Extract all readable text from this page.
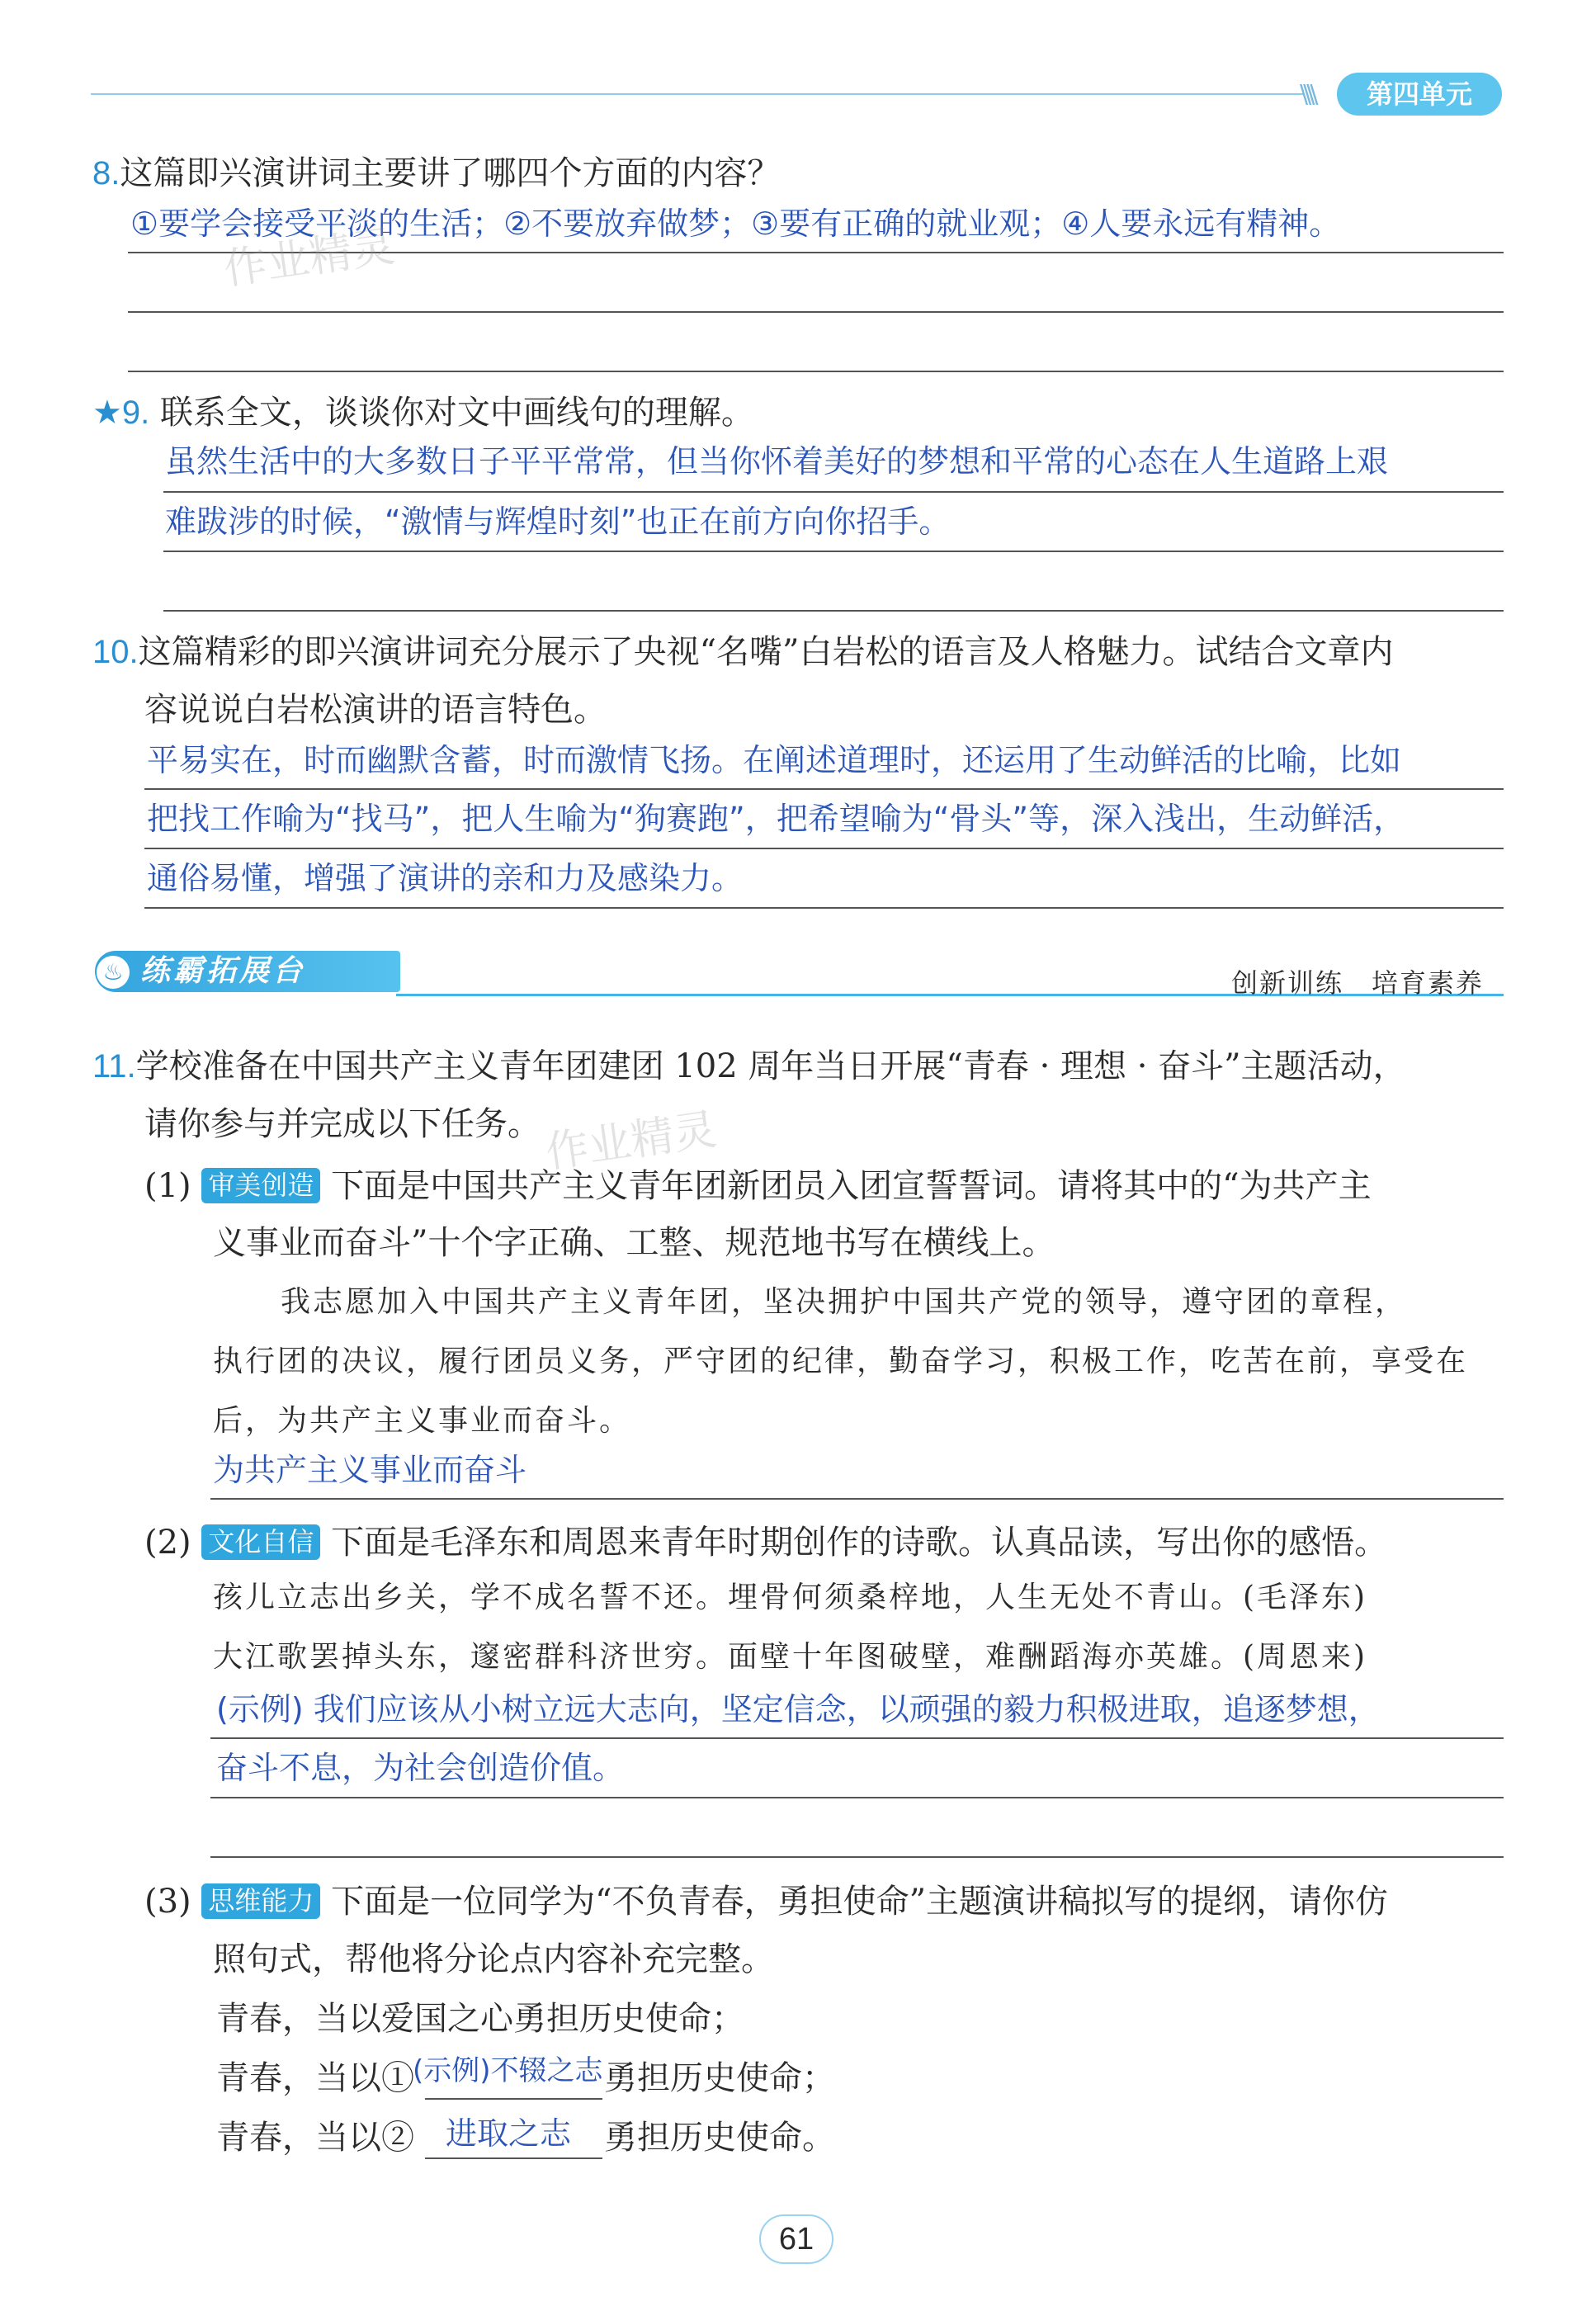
\\\\	第四单元
8.这篇即兴演讲词主要讲了哪四个方面的内容？
①要学会接受平淡的生活；②不要放弃做梦；③要有正确的就业观；④人要永远有精神。
★9. 联系全文，谈谈你对文中画线句的理解。
虽然生活中的大多数日子平平常常，但当你怀着美好的梦想和平常的心态在人生道路上艰
难跋涉的时候，“激情与辉煌时刻”也正在前方向你招手。
10.这篇精彩的即兴演讲词充分展示了央视“名嘴”白岩松的语言及人格魅力。试结合文章内
容说说白岩松演讲的语言特色。
平易实在，时而幽默含蓄，时而激情飞扬。在阐述道理时，还运用了生动鲜活的比喻，比如
把找工作喻为“找马”，把人生喻为“狗赛跑”，把希望喻为“骨头”等，深入浅出，生动鲜活，
通俗易懂，增强了演讲的亲和力及感染力。
♨ 练霸拓展台	创新训练　培育素养
11.学校准备在中国共产主义青年团建团 102 周年当日开展“青春 · 理想 · 奋斗”主题活动，
请你参与并完成以下任务。
(1) 审美创造 下面是中国共产主义青年团新团员入团宣誓誓词。请将其中的“为共产主
义事业而奋斗”十个字正确、工整、规范地书写在横线上。
我志愿加入中国共产主义青年团，坚决拥护中国共产党的领导，遵守团的章程，
执行团的决议，履行团员义务，严守团的纪律，勤奋学习，积极工作，吃苦在前，享受在
后，为共产主义事业而奋斗。
为共产主义事业而奋斗
(2) 文化自信 下面是毛泽东和周恩来青年时期创作的诗歌。认真品读，写出你的感悟。
孩儿立志出乡关，学不成名誓不还。埋骨何须桑梓地，人生无处不青山。(毛泽东)
大江歌罢掉头东，邃密群科济世穷。面壁十年图破壁，难酬蹈海亦英雄。(周恩来)
(示例) 我们应该从小树立远大志向，坚定信念，以顽强的毅力积极进取，追逐梦想，
奋斗不息，为社会创造价值。
(3) 思维能力 下面是一位同学为“不负青春，勇担使命”主题演讲稿拟写的提纲，请你仿
照句式，帮他将分论点内容补充完整。
青春，当以爱国之心勇担历史使命；
青春，当以①
(示例)不辍之志 勇担历史使命；
青春，当以② 进取之志 勇担历史使命。
作业精灵
作业精灵
61
